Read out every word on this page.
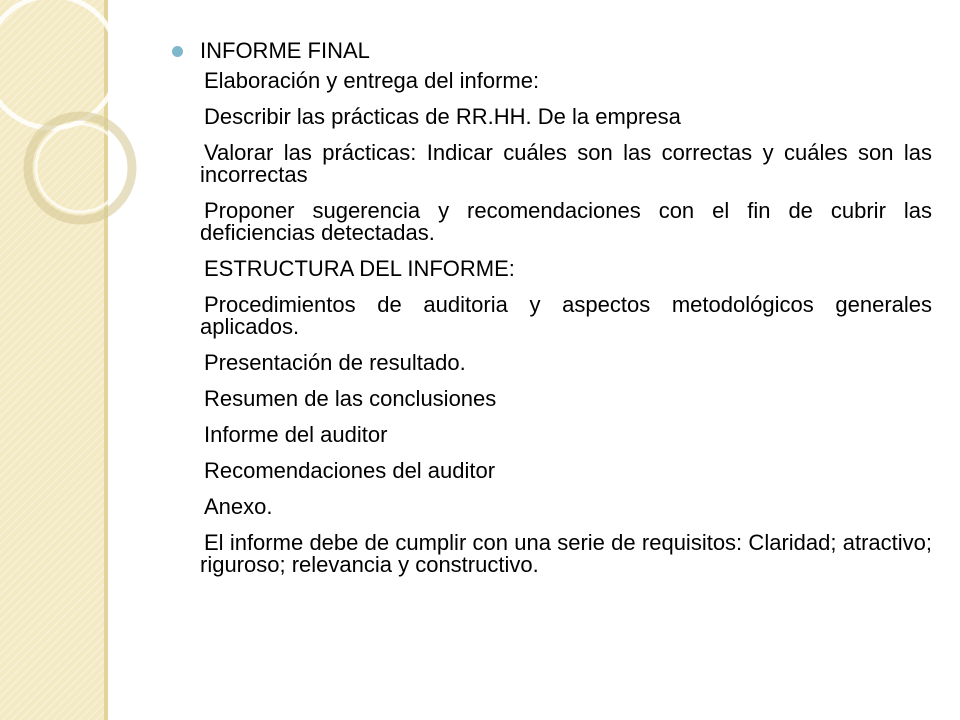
INFORME FINAL

Elaboración y entrega del informe:

Describir las prácticas de RR.HH. De la empresa

Valorar las prácticas: Indicar cuáles son las correctas y cuáles son las incorrectas

Proponer sugerencia y recomendaciones con el fin de cubrir las deficiencias detectadas.

ESTRUCTURA DEL INFORME:

Procedimientos de auditoria y aspectos metodológicos generales aplicados.

Presentación de resultado.

Resumen de las conclusiones

Informe del auditor

Recomendaciones del auditor

Anexo.

El informe debe de cumplir con una serie de requisitos: Claridad; atractivo; riguroso; relevancia y constructivo.
